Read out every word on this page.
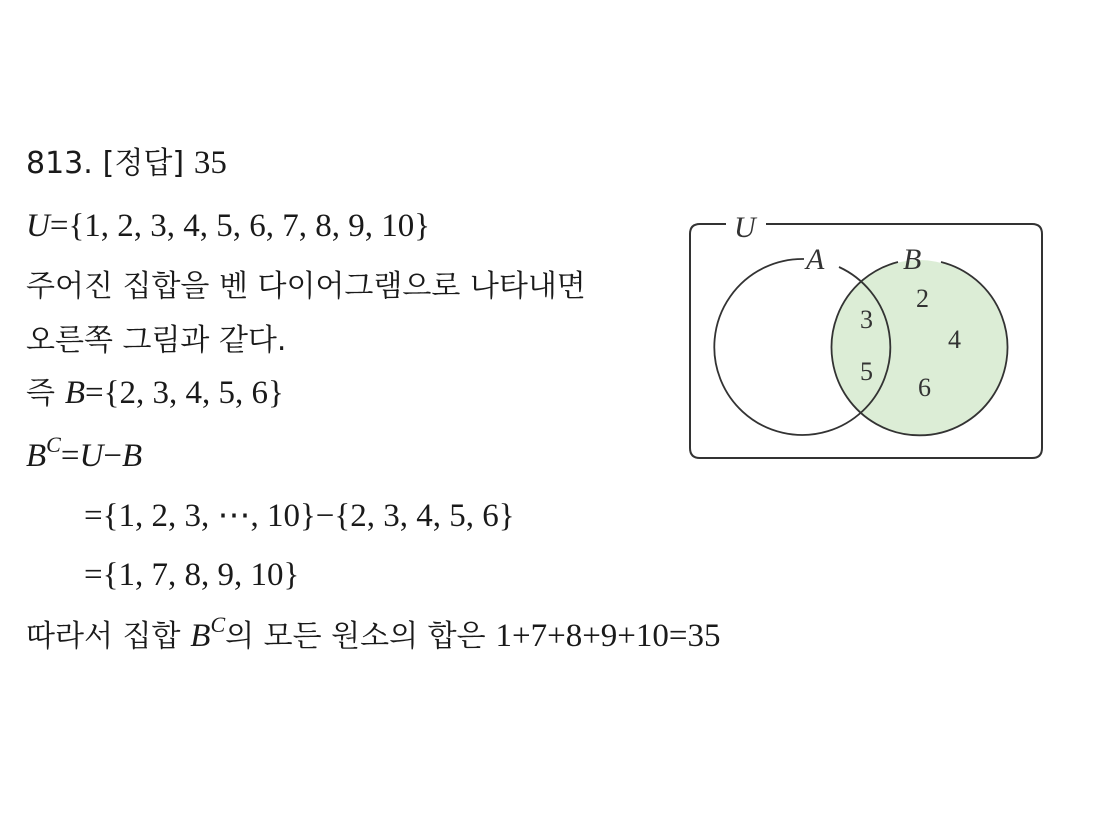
813. [정답] 35
U={1, 2, 3, 4, 5, 6, 7, 8, 9, 10}
주어진 집합을 벤 다이어그램으로 나타내면
오른쪽 그림과 같다.
즉 B={2, 3, 4, 5, 6}
$B^C=U-B$
={1, 2, 3, ⋯, 10}−{2, 3, 4, 5, 6}
={1, 7, 8, 9, 10}
따라서 집합 $B^C$의 모든 원소의 합은 1+7+8+9+10=35
U
A	B
3
5
2
4
6
